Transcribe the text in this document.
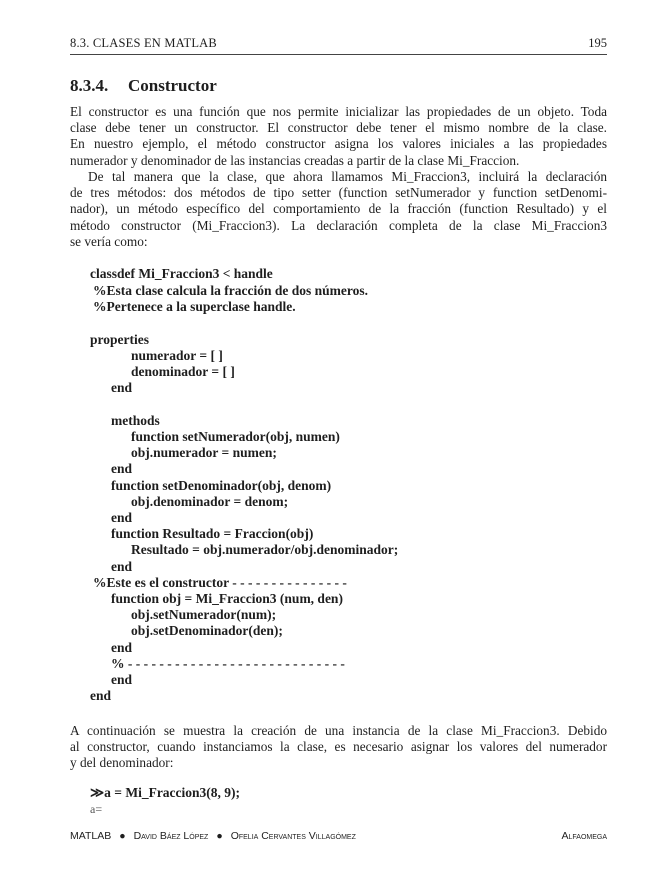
8.3. CLASES EN MATLAB	195
8.3.4. Constructor
El constructor es una función que nos permite inicializar las propiedades de un objeto. Toda
clase debe tener un constructor. El constructor debe tener el mismo nombre de la clase.
En nuestro ejemplo, el método constructor asigna los valores iniciales a las propiedades
numerador y denominador de las instancias creadas a partir de la clase Mi_Fraccion.
De tal manera que la clase, que ahora llamamos Mi_Fraccion3, incluirá la declaración
de tres métodos: dos métodos de tipo setter (function setNumerador y function setDenomi-
nador), un método específico del comportamiento de la fracción (function Resultado) y el
método constructor (Mi_Fraccion3). La declaración completa de la clase Mi_Fraccion3
se vería como:
classdef Mi_Fraccion3 < handle
%Esta clase calcula la fracción de dos números.
%Pertenece a la superclase handle.
properties
numerador = [ ]
denominador = [ ]
end
methods
function setNumerador(obj, numen)
obj.numerador = numen;
end
function setDenominador(obj, denom)
obj.denominador = denom;
end
function Resultado = Fraccion(obj)
Resultado = obj.numerador/obj.denominador;
end
%Este es el constructor - - - - - - - - - - - - - - -
function obj = Mi_Fraccion3 (num, den)
obj.setNumerador(num);
obj.setDenominador(den);
end
% - - - - - - - - - - - - - - - - - - - - - - - - - - - -
end
end
A continuación se muestra la creación de una instancia de la clase Mi_Fraccion3. Debido
al constructor, cuando instanciamos la clase, es necesario asignar los valores del numerador
y del denominador:
≫a = Mi_Fraccion3(8, 9);
a=
MATLAB ● David Báez López ● Ofelia Cervantes Villagómez	Alfaomega
